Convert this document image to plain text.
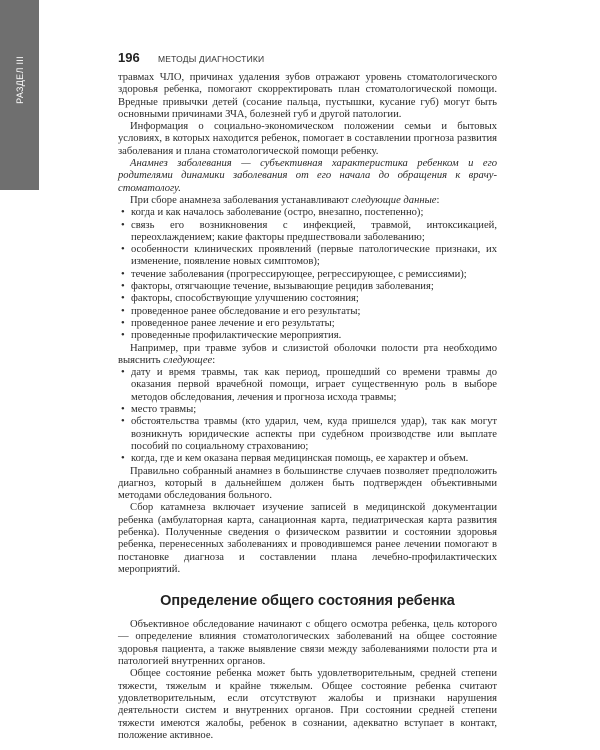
РАЗДЕЛ III	196 МЕТОДЫ ДИАГНОСТИКИ

травмах ЧЛО, причинах удаления зубов отражают уровень стоматологического здоровья ребенка, помогают скорректировать план стоматологической помощи. Вредные привычки детей (сосание пальца, пустышки, кусание губ) могут быть основными причинами ЗЧА, болезней губ и другой патологии.

Информация о социально-экономическом положении семьи и бытовых условиях, в которых находится ребенок, помогает в составлении прогноза развития заболевания и плана стоматологической помощи ребенку.

Анамнез заболевания — субъективная характеристика ребенком и его родителями динамики заболевания от его начала до обращения к врачу-стоматологу.

При сборе анамнеза заболевания устанавливают следующие данные:

• когда и как началось заболевание (остро, внезапно, постепенно);
• связь его возникновения с инфекцией, травмой, интоксикацией, переохлаждением; какие факторы предшествовали заболеванию;
• особенности клинических проявлений (первые патологические признаки, их изменение, появление новых симптомов);
• течение заболевания (прогрессирующее, регрессирующее, с ремиссиями);
• факторы, отягчающие течение, вызывающие рецидив заболевания;
• факторы, способствующие улучшению состояния;
• проведенное ранее обследование и его результаты;
• проведенное ранее лечение и его результаты;
• проведенные профилактические мероприятия.

Например, при травме зубов и слизистой оболочки полости рта необходимо выяснить следующее:

• дату и время травмы, так как период, прошедший со времени травмы до оказания первой врачебной помощи, играет существенную роль в выборе методов обследования, лечения и прогноза исхода травмы;
• место травмы;
• обстоятельства травмы (кто ударил, чем, куда пришелся удар), так как могут возникнуть юридические аспекты при судебном производстве или выплате пособий по социальному страхованию;
• когда, где и кем оказана первая медицинская помощь, ее характер и объем.

Правильно собранный анамнез в большинстве случаев позволяет предположить диагноз, который в дальнейшем должен быть подтвержден объективными методами обследования больного.

Сбор катамнеза включает изучение записей в медицинской документации ребенка (амбулаторная карта, санационная карта, педиатрическая карта развития ребенка). Полученные сведения о физическом развитии и состоянии здоровья ребенка, перенесенных заболеваниях и проводившемся ранее лечении помогают в постановке диагноза и составлении плана лечебно-профилактических мероприятий.

Определение общего состояния ребенка

Объективное обследование начинают с общего осмотра ребенка, цель которого — определение влияния стоматологических заболеваний на общее состояние здоровья пациента, а также выявление связи между заболеваниями полости рта и патологией внутренних органов.

Общее состояние ребенка может быть удовлетворительным, средней степени тяжести, тяжелым и крайне тяжелым. Общее состояние ребенка считают удовлетворительным, если отсутствуют жалобы и признаки нарушения деятельности систем и внутренних органов. При состоянии средней степени тяжести имеются жалобы, ребенок в сознании, адекватно вступает в контакт, положение активное.
